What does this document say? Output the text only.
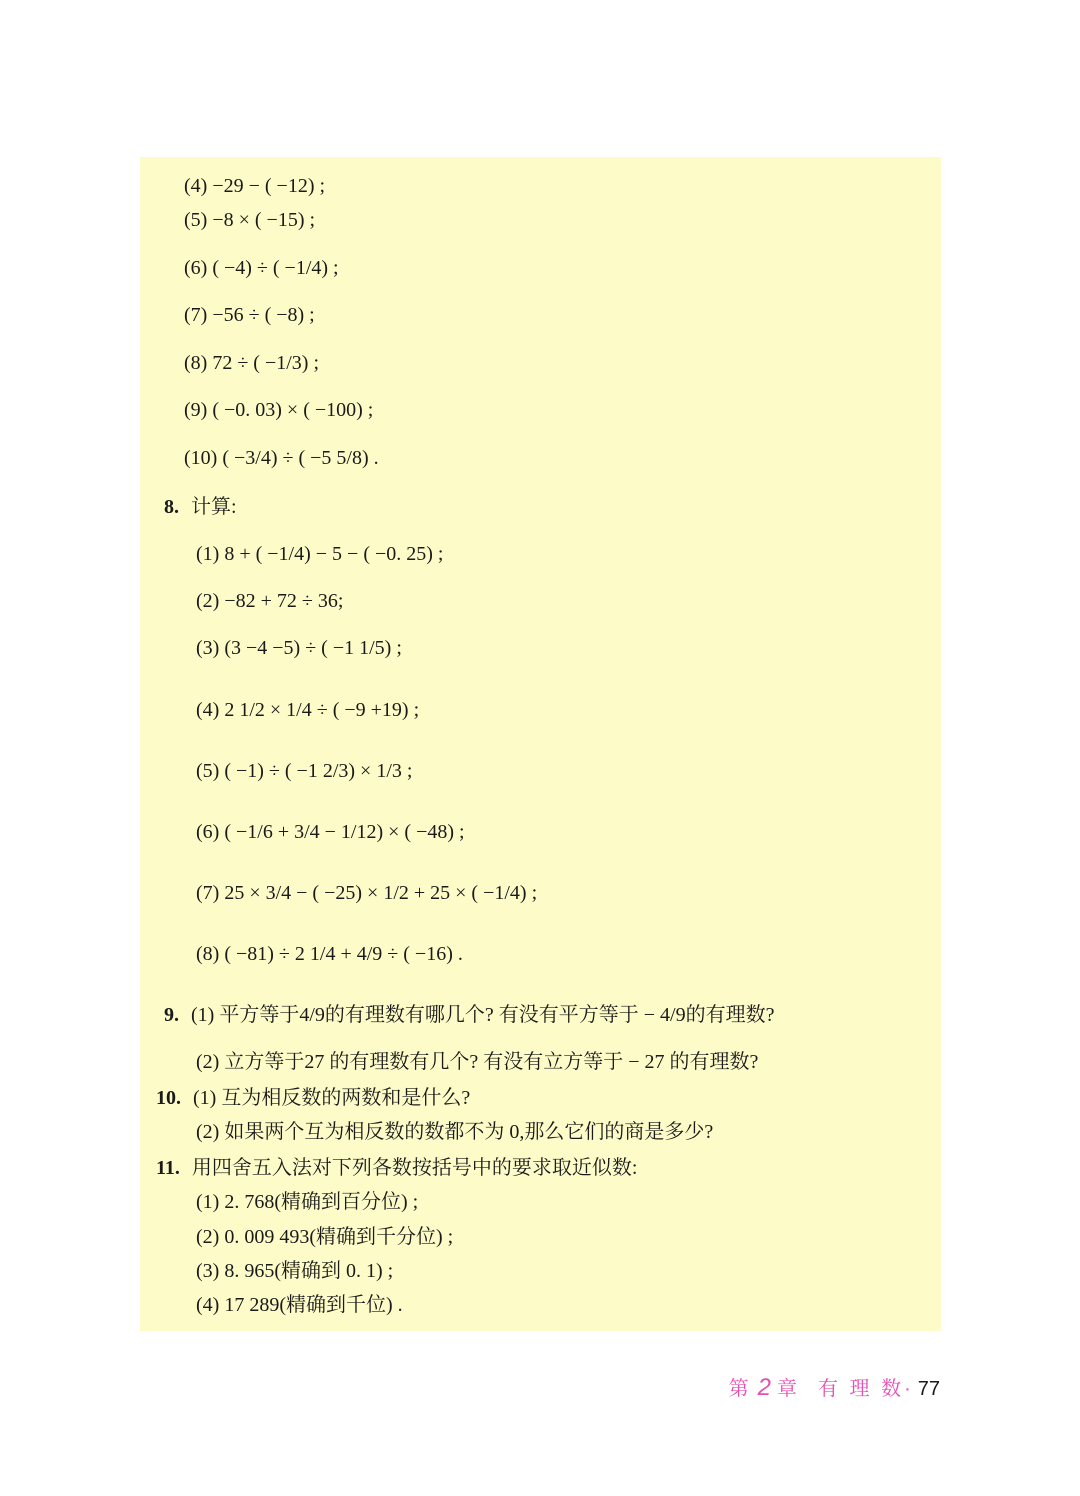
(4) −29 − ( −12) ;
(5) −8 × ( −15) ;
(6) ( −4) ÷ ( −1/4) ;
(7) −56 ÷ ( −8) ;
(8) 72 ÷ ( −1/3) ;
(9) ( −0. 03) × ( −100) ;
(10) ( −3/4) ÷ ( −5 5/8) .
8. 计算:
(1) 8 + ( −1/4) − 5 − ( −0. 25) ;
(2) −82 + 72 ÷ 36;
(3) (3 −4 −5) ÷ ( −1 1/5) ;
(4) 2 1/2 × 1/4 ÷ ( −9 +19) ;
(5) ( −1) ÷ ( −1 2/3) × 1/3 ;
(6) ( −1/6 + 3/4 − 1/12) × ( −48) ;
(7) 25 × 3/4 − ( −25) × 1/2 + 25 × ( −1/4) ;
(8) ( −81) ÷ 2 1/4 + 4/9 ÷ ( −16) .
9. (1) 平方等于4/9的有理数有哪几个? 有没有平方等于 − 4/9的有理数?
(2) 立方等于27 的有理数有几个? 有没有立方等于 − 27 的有理数?
10. (1) 互为相反数的两数和是什么?
(2) 如果两个互为相反数的数都不为 0,那么它们的商是多少?
11. 用四舍五入法对下列各数按括号中的要求取近似数:
(1) 2. 768(精确到百分位) ;
(2) 0. 009 493(精确到千分位) ;
(3) 8. 965(精确到 0. 1) ;
(4) 17 289(精确到千位) .
第 2 章 有 理 数 · 77
